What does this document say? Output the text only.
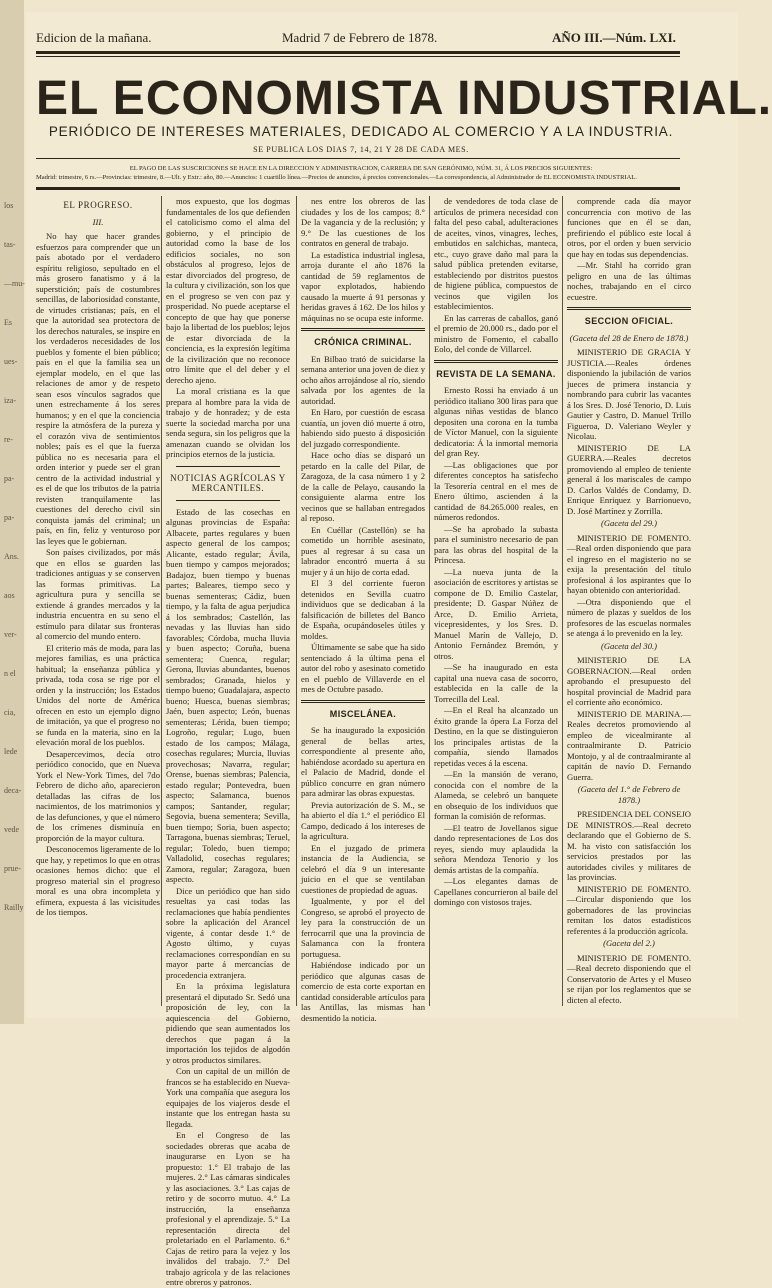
los
tas-
—mu-
Es
ues-
iza-
re-
pa-
pa-
Ans.
aos
ver-
n el
cia,
lede
deca-
vede
prue-
Railly
Edicion de la mañana.	Madrid 7 de Febrero de 1878.	AÑO III.—Núm. LXI.
EL ECONOMISTA INDUSTRIAL.
PERIÓDICO DE INTERESES MATERIALES, DEDICADO AL COMERCIO Y A LA INDUSTRIA.
SE PUBLICA LOS DIAS 7, 14, 21 Y 28 DE CADA MES.
EL PAGO DE LAS SUSCRICIONES SE HACE EN LA DIRECCION Y ADMINISTRACION, CARRERA DE SAN GERÓNIMO, NÚM. 31, Á LOS PRECIOS SIGUIENTES:
Madrid: trimestre, 6 rs.—Provincias: trimestre, 8.—Ult. y Extr.: año, 80.—Anuncios: 1 cuartillo línea.—Precios de anuncios, á precios convencionales.—La correspondencia, al Administrador de EL ECONOMISTA INDUSTRIAL.
EL PROGRESO.

III.

No hay que hacer grandes esfuerzos para comprender que un país abotado por el verdadero espíritu religioso, sepultado en el más grosero fanatismo y á la superstición; país de costumbres sencillas, de laboriosidad constante, de virtudes cristianas; país, en el que la autoridad sea protectora de los derechos naturales, se inspire en los verdaderos necesidades de los pueblos y fomente el bien público; país en el que la familia sea un ejemplar modelo, en el que las relaciones de amor y de respeto sean esos vínculos sagrados que unen estrechamente á los seres humanos; y en el que la conciencia respire la atmósfera de la pureza y el corazón viva de sentimientos nobles; país es el que la fuerza pública no es necesaria para el orden interior y puede ser el gran centro de la actividad industrial y es el de que los tributos de la patria revisten tranquilamente las cuestiones del derecho civil sin conquista jamás del criminal; un país, en fin, feliz y venturoso por las leyes que le gobiernan.

Son países civilizados, por más que en ellos se guarden las tradiciones antiguas y se conserven las formas primitivas. La agricultura pura y sencilla se extiende á grandes mercados y la industria encuentra en su seno el estímulo para dilatar sus fronteras al comercio del mundo entero.

El criterio más de moda, para las mejores familias, es una práctica habitual; la enseñanza pública y privada, toda cosa se rige por el orden y la instrucción; los Estados Unidos del norte de América ofrecen en esto un ejemplo digno de imitación, ya que el progreso no se funda en la materia, sino en la elevación moral de los pueblos.

Desapercevimos, decía otro periódico conocido, que en Nueva York el New-York Times, del 7do Febrero de dicho año, aparecieron detalladas las cifras de los nacimientos, de los matrimonios y de las defunciones, y que el número de los crímenes disminuía en proporción de la mayor cultura.

Desconocemos ligeramente de lo que hay, y repetimos lo que en otras ocasiones hemos dicho: que el progreso material sin el progreso moral es una obra incompleta y efímera, expuesta á las vicisitudes de los tiempos.

mos expuesto, que los dogmas fundamentales de los que defienden el catolicismo como el alma del gobierno, y el principio de autoridad como la base de los edificios sociales, no son obstáculos al progreso, lejos de estar divorciados del progreso, de la cultura y civilización, son los que en el progreso se ven con paz y prosperidad. No puede aceptarse el concepto de que hay que ponerse bajo la libertad de los pueblos; lejos de estar divorciada de la conciencia, es la expresión legítima de la civilización que no reconoce otro límite que el del deber y el derecho ajeno.

La moral cristiana es la que prepara al hombre para la vida de trabajo y de honradez; y de esta suerte la sociedad marcha por una senda segura, sin los peligros que la amenazan cuando se olvidan los principios eternos de la justicia.

NOTICIAS AGRÍCOLAS Y MERCANTILES.

Estado de las cosechas en algunas provincias de España: Albacete, partes regulares y buen aspecto general de los campos; Alicante, estado regular; Ávila, buen tiempo y campos mejorados; Badajoz, buen tiempo y buenas partes; Baleares, tiempo seco y buenas sementeras; Cádiz, buen tiempo, y la falta de agua perjudica á los sembrados; Castellón, las nevadas y las lluvias han sido favorables; Córdoba, mucha lluvia y buen aspecto; Coruña, buena sementera; Cuenca, regular; Gerona, lluvias abundantes, buenos sembrados; Granada, hielos y tiempo bueno; Guadalajara, aspecto bueno; Huesca, buenas siembras; Jaén, buen aspecto; León, buenas sementeras; Lérida, buen tiempo; Logroño, regular; Lugo, buen estado de los campos; Málaga, cosechas regulares; Murcia, lluvias provechosas; Navarra, regular; Orense, buenas siembras; Palencia, estado regular; Pontevedra, buen aspecto; Salamanca, buenos campos; Santander, regular; Segovia, buena sementera; Sevilla, buen tiempo; Soria, buen aspecto; Tarragona, buenas siembras; Teruel, regular; Toledo, buen tiempo; Valladolid, cosechas regulares; Zamora, regular; Zaragoza, buen aspecto.

Dice un periódico que han sido resueltas ya casi todas las reclamaciones que había pendientes sobre la aplicación del Arancel vigente, á contar desde 1.° de Agosto último, y cuyas reclamaciones correspondían en su mayor parte á mercancías de procedencia extranjera.

En la próxima legislatura presentará el diputado Sr. Sedó una proposición de ley, con la aquiescencia del Gobierno, pidiendo que sean aumentados los derechos que pagan á la importación los tejidos de algodón y otros productos similares.

Con un capital de un millón de francos se ha establecido en Nueva-York una compañía que asegura los equipajes de los viajeros desde el instante que los entregan hasta su llegada.

En el Congreso de las sociedades obreras que acaba de inaugurarse en Lyon se ha propuesto: 1.° El trabajo de las mujeres. 2.° Las cámaras sindicales y las asociaciones. 3.° Las cajas de retiro y de socorro mutuo. 4.° La instrucción, la enseñanza profesional y el aprendizaje. 5.° La representación directa del proletariado en el Parlamento. 6.° Cajas de retiro para la vejez y los inválidos del trabajo. 7.° Del trabajo agrícola y de las relaciones entre obreros y patronos.

nes entre los obreros de las ciudades y los de los campos; 8.° De la vagancia y de la reclusión; y 9.° De las cuestiones de los contratos en general de trabajo.

La estadística industrial inglesa, arroja durante el año 1876 la cantidad de 59 reglamentos de vapor explotados, habiendo causado la muerte á 91 personas y heridas graves á 162. De los hilos y máquinas no se ocupa este informe.

CRÓNICA CRIMINAL.

En Bilbao trató de suicidarse la semana anterior una joven de diez y ocho años arrojándose al río, siendo salvada por los agentes de la autoridad.

En Haro, por cuestión de escasa cuantía, un joven dió muerte á otro, habiendo sido puesto á disposición del juzgado correspondiente.

Hace ocho días se disparó un petardo en la calle del Pilar, de Zaragoza, de la casa número 1 y 2 de la calle de Pelayo, causando la consiguiente alarma entre los vecinos que se hallaban entregados al reposo.

En Cuéllar (Castellón) se ha cometido un horrible asesinato, pues al regresar á su casa un labrador encontró muerta á su mujer y á un hijo de corta edad.

El 3 del corriente fueron detenidos en Sevilla cuatro individuos que se dedicaban á la falsificación de billetes del Banco de España, ocupándoseles útiles y moldes.

Últimamente se sabe que ha sido sentenciado á la última pena el autor del robo y asesinato cometido en el pueblo de Villaverde en el mes de Octubre pasado.

MISCELÁNEA.

Se ha inaugurado la exposición general de bellas artes, correspondiente al presente año, habiéndose acordado su apertura en el Palacio de Madrid, donde el público concurre en gran número para admirar las obras expuestas.

Previa autorización de S. M., se ha abierto el día 1.° el periódico El Campo, dedicado á los intereses de la agricultura.

En el juzgado de primera instancia de la Audiencia, se celebró el día 9 un interesante juicio en el que se ventilaban cuestiones de propiedad de aguas.

Igualmente, y por el del Congreso, se aprobó el proyecto de ley para la construcción de un ferrocarril que una la provincia de Salamanca con la frontera portuguesa.

Habiéndose indicado por un periódico que algunas casas de comercio de esta corte exportan en cantidad considerable artículos para las Antillas, las mismas han desmentido la noticia.

de vendedores de toda clase de artículos de primera necesidad con falta del peso cabal, adulteraciones de aceites, vinos, vinagres, leches, embutidos en salchichas, manteca, etc., cuyo grave daño mal para la salud pública pretenden evitarse, estableciendo por distritos puestos de higiene pública, compuestos de vecinos que vigilen los establecimientos.

En las carreras de caballos, ganó el premio de 20.000 rs., dado por el ministro de Fomento, el caballo Eolo, del conde de Villarcel.

REVISTA DE LA SEMANA.

Ernesto Rossi ha enviado á un periódico italiano 300 liras para que algunas niñas vestidas de blanco depositen una corona en la tumba de Víctor Manuel, con la siguiente dedicatoria: Á la inmortal memoria del gran Rey.

—Las obligaciones que por diferentes conceptos ha satisfecho la Tesorería central en el mes de Enero último, ascienden á la cantidad de 84.265.000 reales, en números redondos.

—Se ha aprobado la subasta para el suministro necesario de pan para las obras del hospital de la Princesa.

—La nueva junta de la asociación de escritores y artistas se compone de D. Emilio Castelar, presidente; D. Gaspar Núñez de Arce, D. Emilio Arrieta, vicepresidentes, y los Sres. D. Manuel Marín de Vallejo, D. Antonio Fernández Bremón, y otros.

—Se ha inaugurado en esta capital una nueva casa de socorro, establecida en la calle de la Torrecilla del Leal.

—En el Real ha alcanzado un éxito grande la ópera La Forza del Destino, en la que se distinguieron los principales artistas de la compañía, siendo llamados repetidas veces á la escena.

—En la mansión de verano, conocida con el nombre de la Alameda, se celebró un banquete en obsequio de los individuos que forman la comisión de reformas.

—El teatro de Jovellanos sigue dando representaciones de Los dos reyes, siendo muy aplaudida la señora Mendoza Tenorio y los demás artistas de la compañía.

—Los elegantes damas de Capellanes concurrieron al baile del domingo con vistosos trajes.

comprende cada día mayor concurrencia con motivo de las funciones que en él se dan, prefiriendo el público este local á otros, por el orden y buen servicio que hay en todas sus dependencias.

—Mr. Stahl ha corrido gran peligro en una de las últimas noches, trabajando en el circo ecuestre.

SECCION OFICIAL.

(Gaceta del 28 de Enero de 1878.)

MINISTERIO DE GRACIA Y JUSTICIA.—Reales órdenes disponiendo la jubilación de varios jueces de primera instancia y nombrando para cubrir las vacantes á los Sres. D. José Tenorio, D. Luis Gautier y Castro, D. Manuel Trillo Figueroa, D. Valeriano Weyler y Nicolau.

MINISTERIO DE LA GUERRA.—Reales decretos promoviendo al empleo de teniente general á los mariscales de campo D. Carlos Valdés de Condamy, D. Enrique Enriquez y Barrionuevo, D. José Martínez y Zorrilla.

(Gaceta del 29.)

MINISTERIO DE FOMENTO.—Real orden disponiendo que para el ingreso en el magisterio no se exija la presentación del título profesional á los aspirantes que lo hayan obtenido con anterioridad.

—Otra disponiendo que el número de plazas y sueldos de los profesores de las escuelas normales se atenga á lo prevenido en la ley.

(Gaceta del 30.)

MINISTERIO DE LA GOBERNACION.—Real orden aprobando el presupuesto del hospital provincial de Madrid para el corriente año económico.

MINISTERIO DE MARINA.—Reales decretos promoviendo al empleo de vicealmirante al contraalmirante D. Patricio Montojo, y al de contraalmirante al capitán de navío D. Fernando Guerra.

(Gaceta del 1.° de Febrero de 1878.)

PRESIDENCIA DEL CONSEJO DE MINISTROS.—Real decreto declarando que el Gobierno de S. M. ha visto con satisfacción los servicios prestados por las autoridades civiles y militares de las provincias.

MINISTERIO DE FOMENTO.—Circular disponiendo que los gobernadores de las provincias remitan los datos estadísticos referentes á la producción agrícola.

(Gaceta del 2.)

MINISTERIO DE FOMENTO.—Real decreto disponiendo que el Conservatorio de Artes y el Museo se rijan por los reglamentos que se dicten al efecto.
